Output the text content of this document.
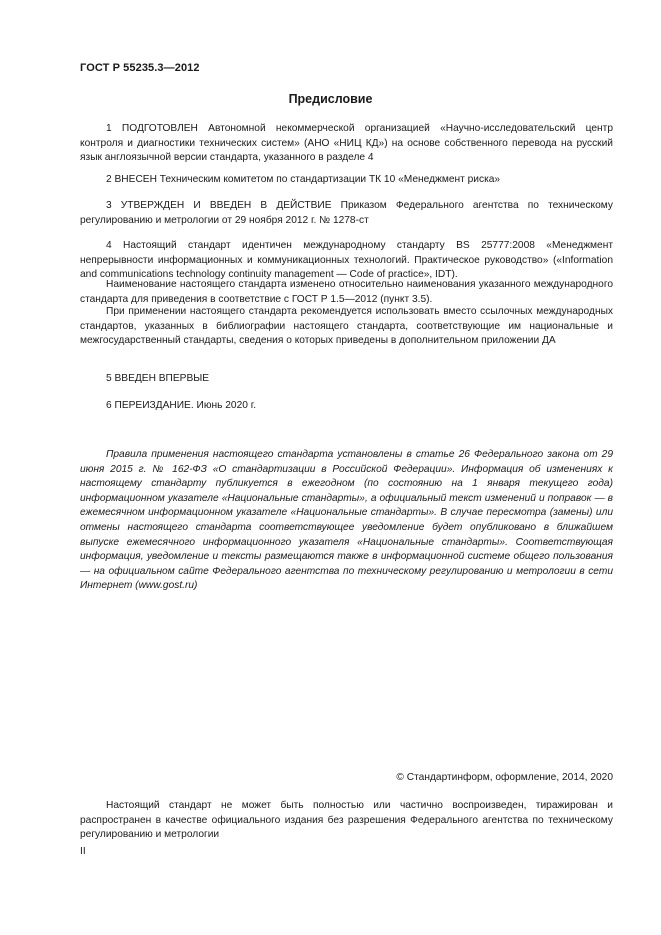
ГОСТ Р 55235.3—2012
Предисловие

1 ПОДГОТОВЛЕН Автономной некоммерческой организацией «Научно-исследовательский центр контроля и диагностики технических систем» (АНО «НИЦ КД») на основе собственного перевода на русский язык англоязычной версии стандарта, указанного в разделе 4

2 ВНЕСЕН Техническим комитетом по стандартизации ТК 10 «Менеджмент риска»

3 УТВЕРЖДЕН И ВВЕДЕН В ДЕЙСТВИЕ Приказом Федерального агентства по техническому регулированию и метрологии от 29 ноября 2012 г. № 1278-ст

4 Настоящий стандарт идентичен международному стандарту BS 25777:2008 «Менеджмент непрерывности информационных и коммуникационных технологий. Практическое руководство» («Information and communications technology continuity management — Code of practice», IDT).

Наименование настоящего стандарта изменено относительно наименования указанного международного стандарта для приведения в соответствие с ГОСТ Р 1.5—2012 (пункт 3.5).

При применении настоящего стандарта рекомендуется использовать вместо ссылочных международных стандартов, указанных в библиографии настоящего стандарта, соответствующие им национальные и межгосударственный стандарты, сведения о которых приведены в дополнительном приложении ДА

5 ВВЕДЕН ВПЕРВЫЕ

6 ПЕРЕИЗДАНИЕ. Июнь 2020 г.

Правила применения настоящего стандарта установлены в статье 26 Федерального закона от 29 июня 2015 г. № 162-ФЗ «О стандартизации в Российской Федерации». Информация об изменениях к настоящему стандарту публикуется в ежегодном (по состоянию на 1 января текущего года) информационном указателе «Национальные стандарты», а официальный текст изменений и поправок — в ежемесячном информационном указателе «Национальные стандарты». В случае пересмотра (замены) или отмены настоящего стандарта соответствующее уведомление будет опубликовано в ближайшем выпуске ежемесячного информационного указателя «Национальные стандарты». Соответствующая информация, уведомление и тексты размещаются также в информационной системе общего пользования — на официальном сайте Федерального агентства по техническому регулированию и метрологии в сети Интернет (www.gost.ru)

© Стандартинформ, оформление, 2014, 2020

Настоящий стандарт не может быть полностью или частично воспроизведен, тиражирован и распространен в качестве официального издания без разрешения Федерального агентства по техническому регулированию и метрологии

II
